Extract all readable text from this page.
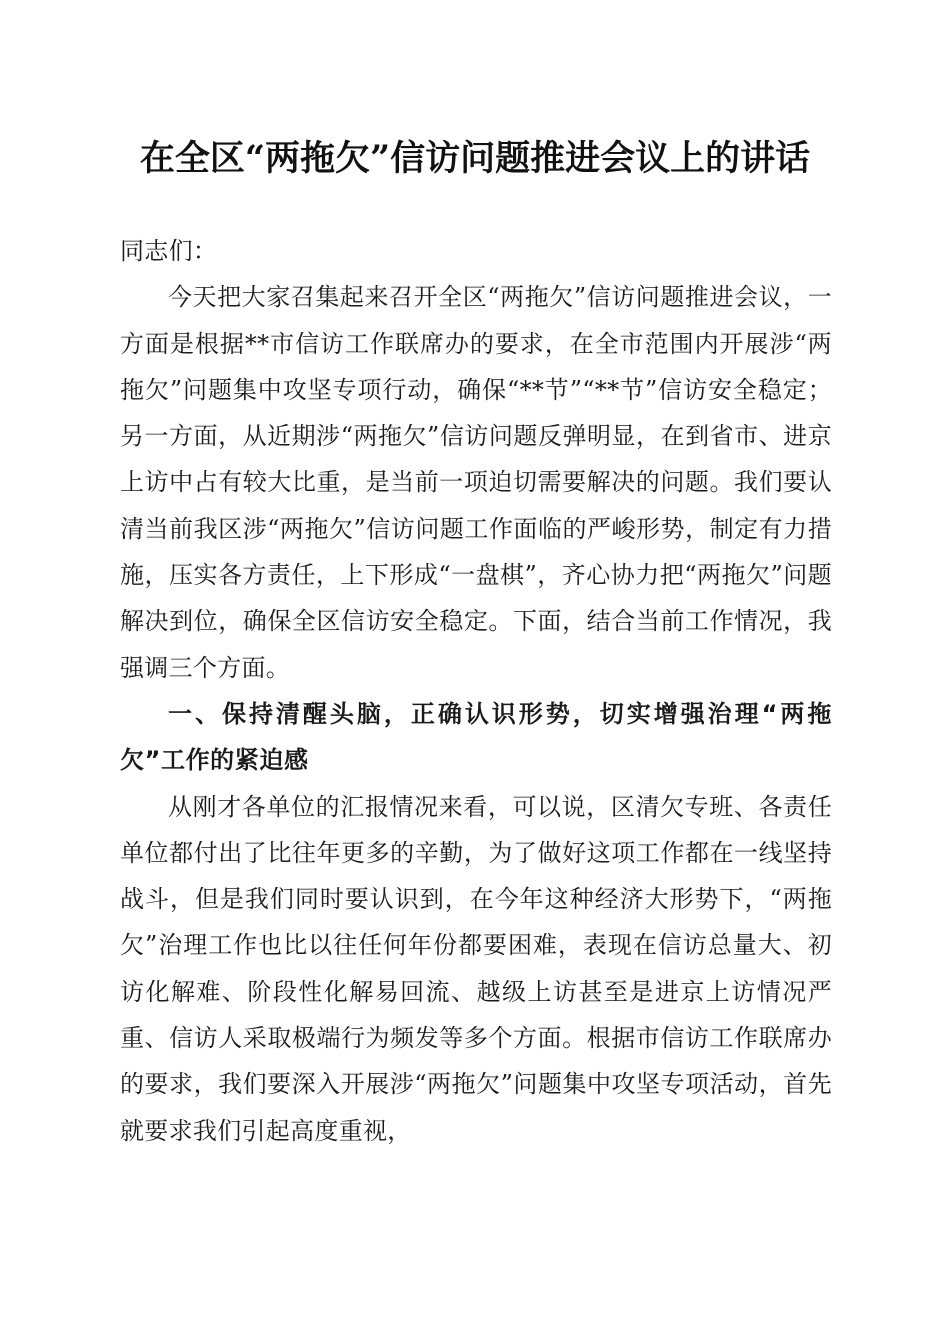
在全区“两拖欠”信访问题推进会议上的讲话

同志们：

今天把大家召集起来召开全区“两拖欠”信访问题推进会议，一方面是根据**市信访工作联席办的要求，在全市范围内开展涉“两拖欠”问题集中攻坚专项行动，确保“**节”“**节”信访安全稳定；另一方面，从近期涉“两拖欠”信访问题反弹明显，在到省市、进京上访中占有较大比重，是当前一项迫切需要解决的问题。我们要认清当前我区涉“两拖欠”信访问题工作面临的严峻形势，制定有力措施，压实各方责任，上下形成“一盘棋”，齐心协力把“两拖欠”问题解决到位，确保全区信访安全稳定。下面，结合当前工作情况，我强调三个方面。

一、保持清醒头脑，正确认识形势，切实增强治理“两拖欠”工作的紧迫感

从刚才各单位的汇报情况来看，可以说，区清欠专班、各责任单位都付出了比往年更多的辛勤，为了做好这项工作都在一线坚持战斗，但是我们同时要认识到，在今年这种经济大形势下，“两拖欠”治理工作也比以往任何年份都要困难，表现在信访总量大、初访化解难、阶段性化解易回流、越级上访甚至是进京上访情况严重、信访人采取极端行为频发等多个方面。根据市信访工作联席办的要求，我们要深入开展涉“两拖欠”问题集中攻坚专项活动，首先就要求我们引起高度重视，
